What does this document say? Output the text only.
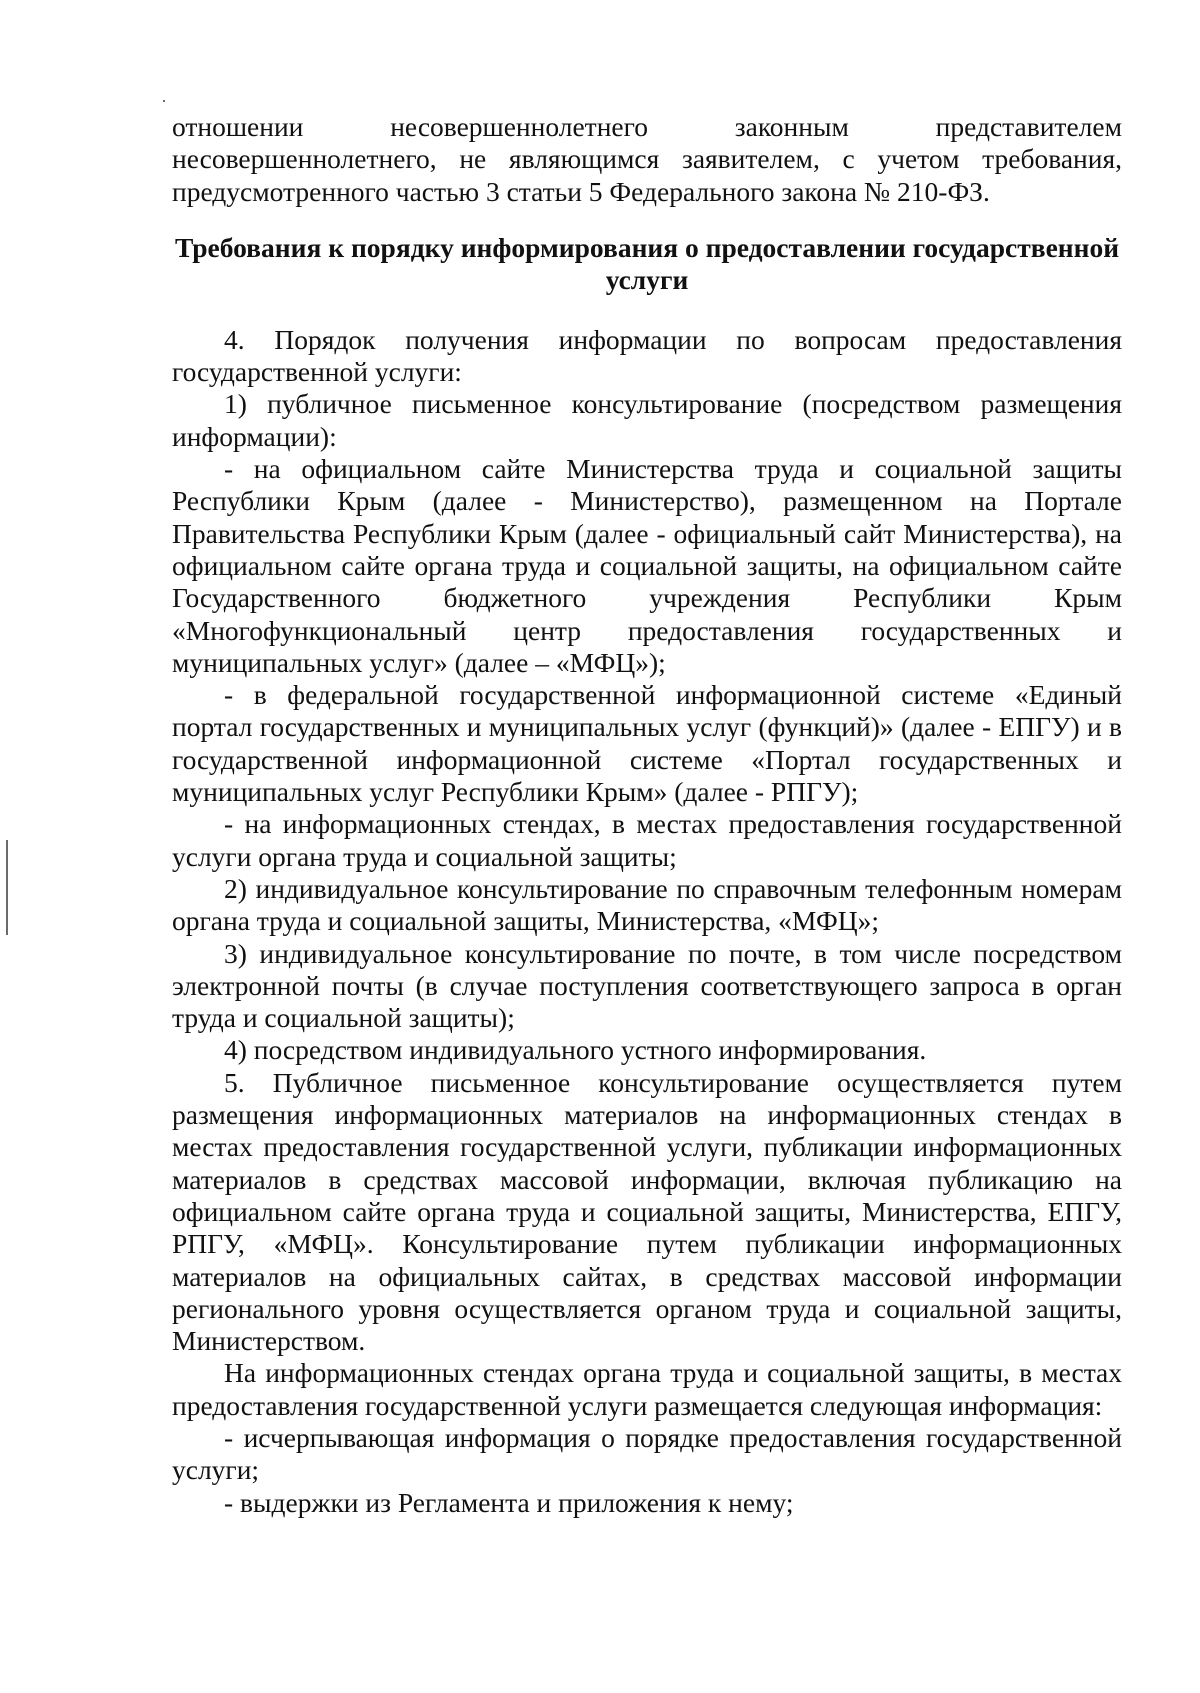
отношении несовершеннолетнего законным представителем несовершеннолетнего, не являющимся заявителем, с учетом требования, предусмотренного частью 3 статьи 5 Федерального закона № 210-ФЗ.

Требования к порядку информирования о предоставлении государственной услуги

4. Порядок получения информации по вопросам предоставления государственной услуги:

1) публичное письменное консультирование (посредством размещения информации):

- на официальном сайте Министерства труда и социальной защиты Республики Крым (далее - Министерство), размещенном на Портале Правительства Республики Крым (далее - официальный сайт Министерства), на официальном сайте органа труда и социальной защиты, на официальном сайте Государственного бюджетного учреждения Республики Крым «Многофункциональный центр предоставления государственных и муниципальных услуг» (далее – «МФЦ»);

- в федеральной государственной информационной системе «Единый портал государственных и муниципальных услуг (функций)» (далее - ЕПГУ) и в государственной информационной системе «Портал государственных и муниципальных услуг Республики Крым» (далее - РПГУ);

- на информационных стендах, в местах предоставления государственной услуги органа труда и социальной защиты;

2) индивидуальное консультирование по справочным телефонным номерам органа труда и социальной защиты, Министерства, «МФЦ»;

3) индивидуальное консультирование по почте, в том числе посредством электронной почты (в случае поступления соответствующего запроса в орган труда и социальной защиты);

4) посредством индивидуального устного информирования.

5. Публичное письменное консультирование осуществляется путем размещения информационных материалов на информационных стендах в местах предоставления государственной услуги, публикации информационных материалов в средствах массовой информации, включая публикацию на официальном сайте органа труда и социальной защиты, Министерства, ЕПГУ, РПГУ, «МФЦ». Консультирование путем публикации информационных материалов на официальных сайтах, в средствах массовой информации регионального уровня осуществляется органом труда и социальной защиты, Министерством.

На информационных стендах органа труда и социальной защиты, в местах предоставления государственной услуги размещается следующая информация:

- исчерпывающая информация о порядке предоставления государственной услуги;

- выдержки из Регламента и приложения к нему;
